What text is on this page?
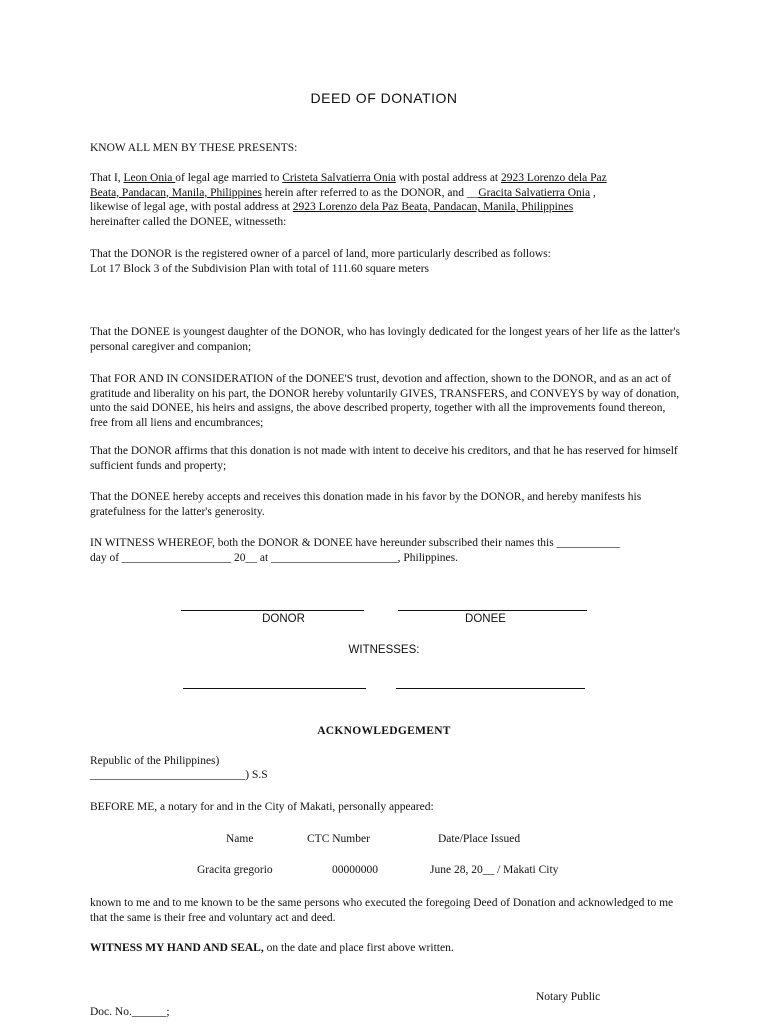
DEED OF DONATION
KNOW ALL MEN BY THESE PRESENTS:
That I, Leon Onia of legal age married to Cristeta Salvatierra Onia with postal address at 2923 Lorenzo dela Paz
Beata, Pandacan, Manila, Philippines herein after referred to as the DONOR, and __Gracita Salvatierra Onia ,
likewise of legal age, with postal address at 2923 Lorenzo dela Paz Beata, Pandacan, Manila, Philippines
hereinafter called the DONEE, witnesseth:
That the DONOR is the registered owner of a parcel of land, more particularly described as follows:
Lot 17 Block 3 of the Subdivision Plan with total of 111.60 square meters
That the DONEE is youngest daughter of the DONOR, who has lovingly dedicated for the longest years of her life as the latter's personal caregiver and companion;
That FOR AND IN CONSIDERATION of the DONEE'S trust, devotion and affection, shown to the DONOR, and as an act of gratitude and liberality on his part, the DONOR hereby voluntarily GIVES, TRANSFERS, and CONVEYS by way of donation, unto the said DONEE, his heirs and assigns, the above described property, together with all the improvements found thereon, free from all liens and encumbrances;
That the DONOR affirms that this donation is not made with intent to deceive his creditors, and that he has reserved for himself sufficient funds and property;
That the DONEE hereby accepts and receives this donation made in his favor by the DONOR, and hereby manifests his gratefulness for the latter's generosity.
IN WITNESS WHEREOF, both the DONOR & DONEE have hereunder subscribed their names this ___________
day of ___________________ 20__ at ______________________, Philippines.
DONOR	DONEE
WITNESSES:
ACKNOWLEDGEMENT
Republic of the Philippines)
___________________________) S.S
BEFORE ME, a notary for and in the City of Makati, personally appeared:
Name	CTC Number	Date/Place Issued
Gracita gregorio	00000000	June 28, 20__ / Makati City
known to me and to me known to be the same persons who executed the foregoing Deed of Donation and acknowledged to me that the same is their free and voluntary act and deed.
WITNESS MY HAND AND SEAL, on the date and place first above written.
Notary Public
Doc. No.______;
